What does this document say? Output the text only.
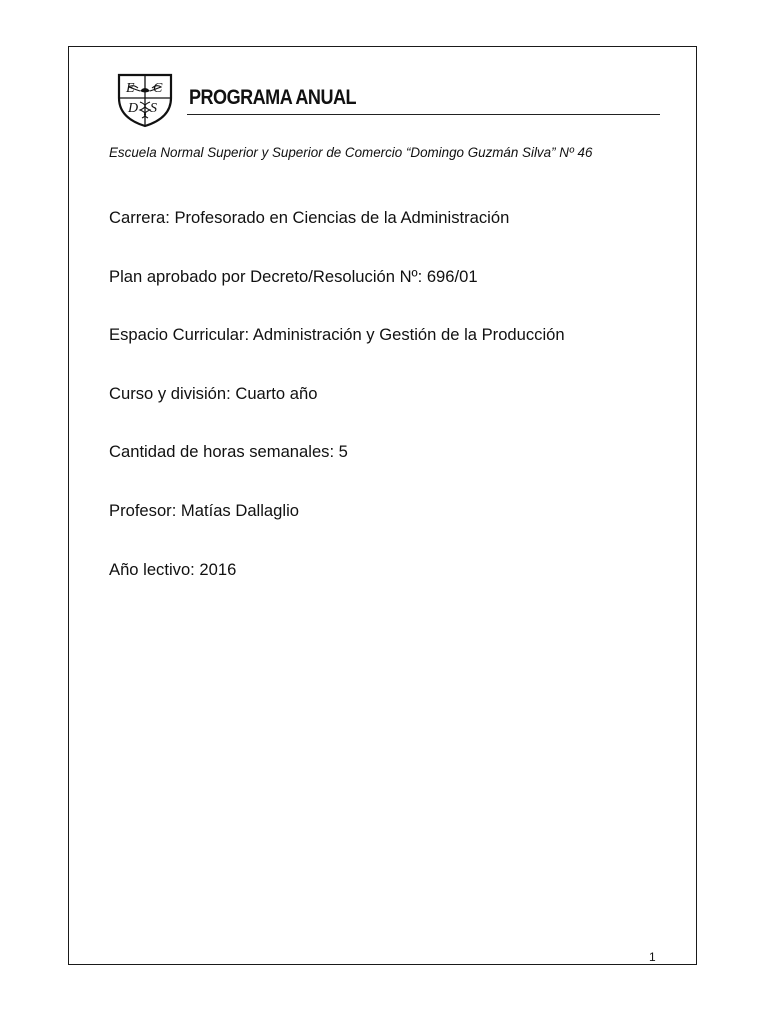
E C
D S PROGRAMA ANUAL
Escuela Normal Superior y Superior de Comercio “Domingo Guzmán Silva” Nº 46
Carrera: Profesorado en Ciencias de la Administración
Plan aprobado por Decreto/Resolución Nº: 696/01
Espacio Curricular: Administración y Gestión de la Producción
Curso y división: Cuarto año
Cantidad de horas semanales: 5
Profesor: Matías Dallaglio
Año lectivo: 2016
1
